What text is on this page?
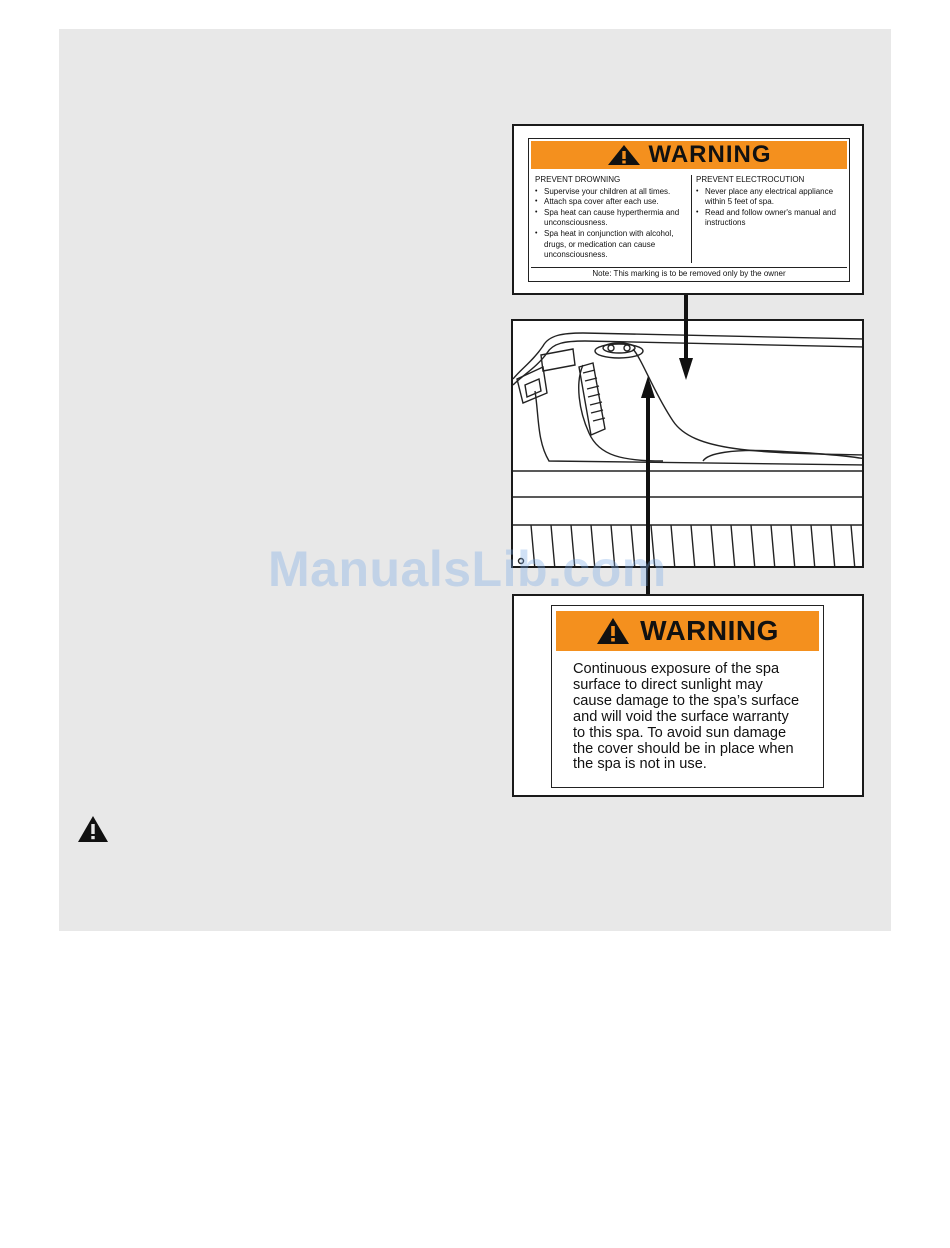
WARNING
PREVENT DROWNING
• Supervise your children at all times.
• Attach spa cover after each use.
• Spa heat can cause hyperthermia and unconsciousness.
• Spa heat in conjunction with alcohol, drugs, or medication can cause unconsciousness.
PREVENT ELECTROCUTION
• Never place any electrical appliance within 5 feet of spa.
• Read and follow owner's manual and instructions
Note: This marking is to be removed only by the owner
WARNING
Continuous exposure of the spa
surface to direct sunlight may
cause damage to the spa’s surface
and will void the surface warranty
to this spa. To avoid sun damage
the cover should be in place when
the spa is not in use.
ManualsLib.com
